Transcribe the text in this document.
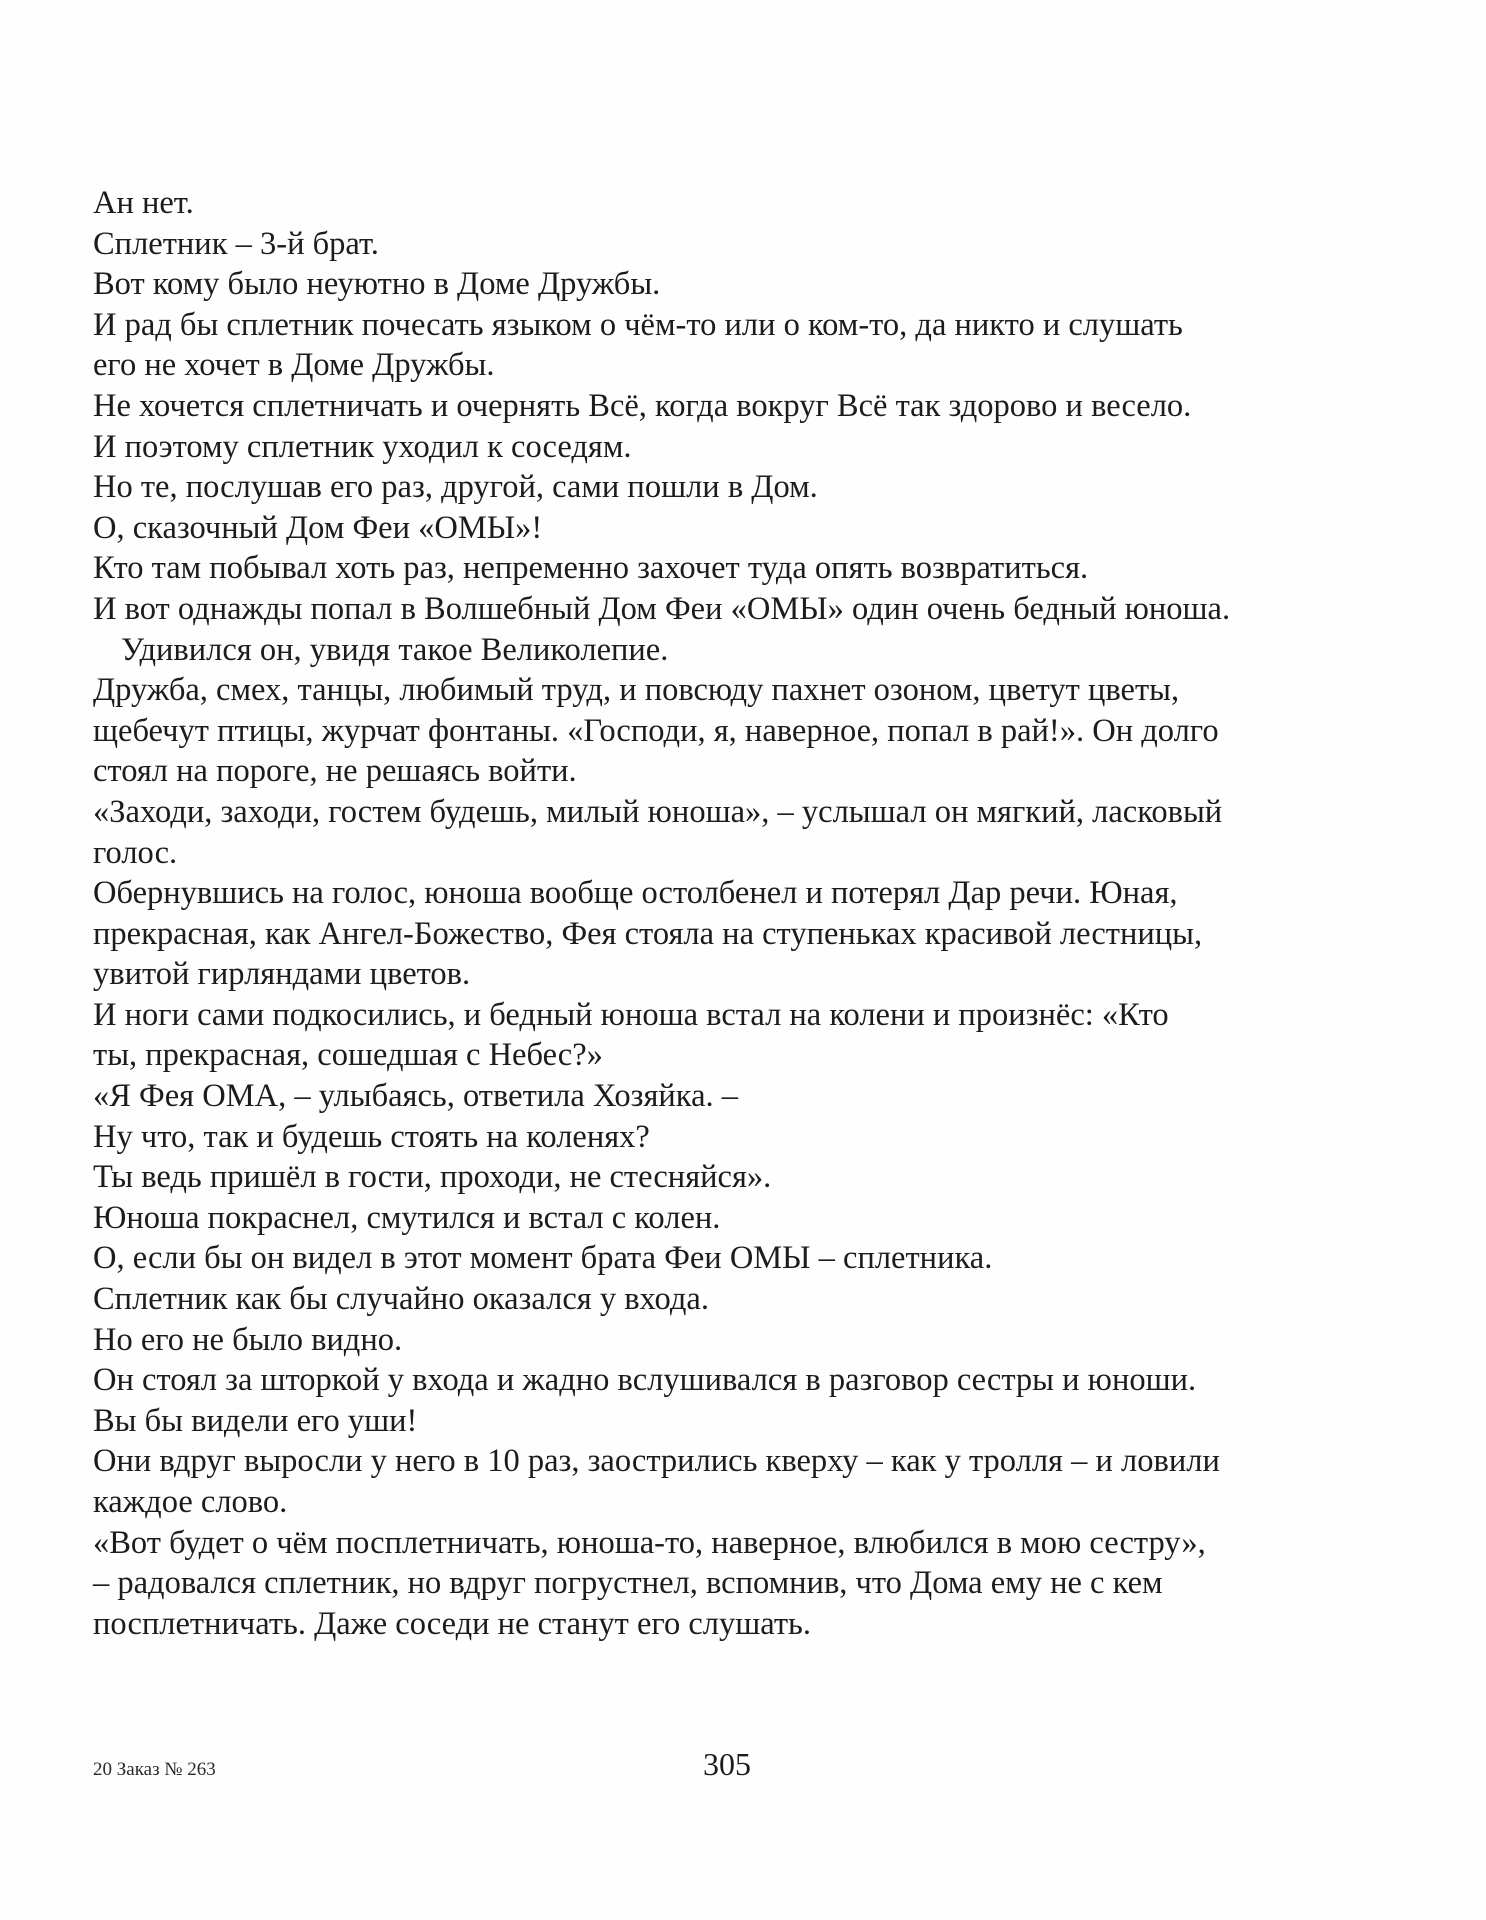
Ан нет.
Сплетник – 3-й брат.
Вот кому было неуютно в Доме Дружбы.
И рад бы сплетник почесать языком о чём-то или о ком-то, да никто и слушать
его не хочет в Доме Дружбы.
Не хочется сплетничать и очернять Всё, когда вокруг Всё так здорово и весело.
И поэтому сплетник уходил к соседям.
Но те, послушав его раз, другой, сами пошли в Дом.
О, сказочный Дом Феи «ОМЫ»!
Кто там побывал хоть раз, непременно захочет туда опять возвратиться.
И вот однажды попал в Волшебный Дом Феи «ОМЫ» один очень бедный юноша.
Удивился он, увидя такое Великолепие.
Дружба, смех, танцы, любимый труд, и повсюду пахнет озоном, цветут цветы,
щебечут птицы, журчат фонтаны. «Господи, я, наверное, попал в рай!». Он долго
стоял на пороге, не решаясь войти.
«Заходи, заходи, гостем будешь, милый юноша», – услышал он мягкий, ласковый
голос.
Обернувшись на голос, юноша вообще остолбенел и потерял Дар речи. Юная,
прекрасная, как Ангел-Божество, Фея стояла на ступеньках красивой лестницы,
увитой гирляндами цветов.
И ноги сами подкосились, и бедный юноша встал на колени и произнёс: «Кто
ты, прекрасная, сошедшая с Небес?»
«Я Фея ОМА, – улыбаясь, ответила Хозяйка. –
Ну что, так и будешь стоять на коленях?
Ты ведь пришёл в гости, проходи, не стесняйся».
Юноша покраснел, смутился и встал с колен.
О, если бы он видел в этот момент брата Феи ОМЫ – сплетника.
Сплетник как бы случайно оказался у входа.
Но его не было видно.
Он стоял за шторкой у входа и жадно вслушивался в разговор сестры и юноши.
Вы бы видели его уши!
Они вдруг выросли у него в 10 раз, заострились кверху – как у тролля – и ловили
каждое слово.
«Вот будет о чём посплетничать, юноша-то, наверное, влюбился в мою сестру»,
– радовался сплетник, но вдруг погрустнел, вспомнив, что Дома ему не с кем
посплетничать. Даже соседи не станут его слушать.
20 Заказ № 263	305
